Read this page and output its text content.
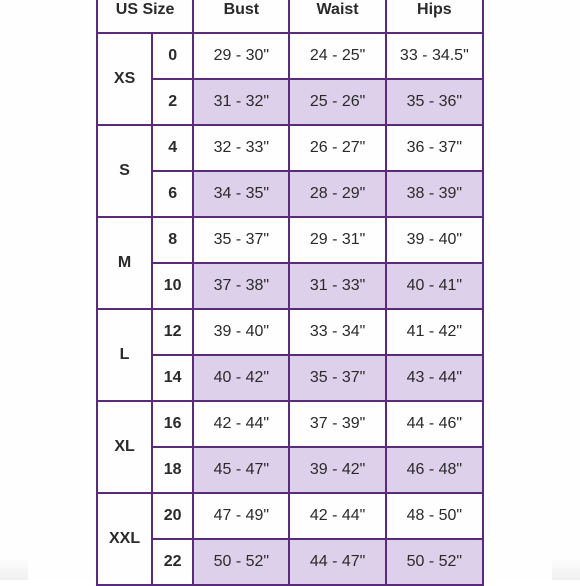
US Size		Bust	Waist	Hips
XS	0	29 - 30"	24 - 25"	33 - 34.5"
	2	31 - 32"	25 - 26"	35 - 36"
S	4	32 - 33"	26 - 27"	36 - 37"
	6	34 - 35"	28 - 29"	38 - 39"
M	8	35 - 37"	29 - 31"	39 - 40"
	10	37 - 38"	31 - 33"	40 - 41"
L	12	39 - 40"	33 - 34"	41 - 42"
	14	40 - 42"	35 - 37"	43 - 44"
XL	16	42 - 44"	37 - 39"	44 - 46"
	18	45 - 47"	39 - 42"	46 - 48"
XXL	20	47 - 49"	42 - 44"	48 - 50"
	22	50 - 52"	44 - 47"	50 - 52"
